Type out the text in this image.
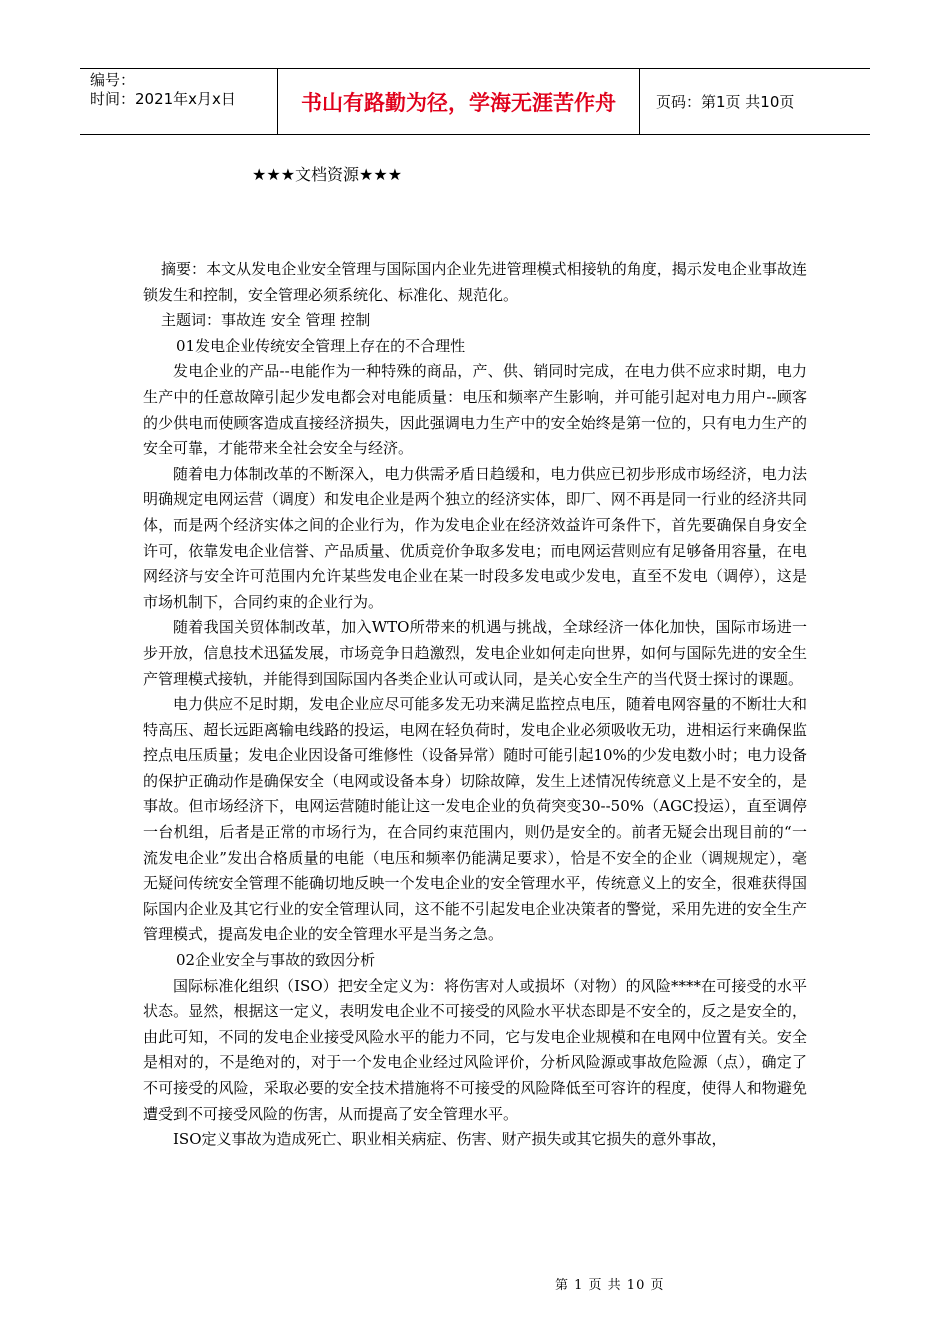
编号：
时间：2021年x月x日	书山有路勤为径，学海无涯苦作舟	页码：第1页 共10页
★★★文档资源★★★

摘要：本文从发电企业安全管理与国际国内企业先进管理模式相接轨的角度，揭示发电企业事故连锁发生和控制，安全管理必须系统化、标准化、规范化。

主题词：事故连 安全 管理 控制

01发电企业传统安全管理上存在的不合理性

发电企业的产品--电能作为一种特殊的商品，产、供、销同时完成，在电力供不应求时期，电力生产中的任意故障引起少发电都会对电能质量：电压和频率产生影响，并可能引起对电力用户--顾客的少供电而使顾客造成直接经济损失，因此强调电力生产中的安全始终是第一位的，只有电力生产的安全可靠，才能带来全社会安全与经济。

随着电力体制改革的不断深入，电力供需矛盾日趋缓和，电力供应已初步形成市场经济，电力法明确规定电网运营（调度）和发电企业是两个独立的经济实体，即厂、网不再是同一行业的经济共同体，而是两个经济实体之间的企业行为，作为发电企业在经济效益许可条件下，首先要确保自身安全许可，依靠发电企业信誉、产品质量、优质竞价争取多发电；而电网运营则应有足够备用容量，在电网经济与安全许可范围内允许某些发电企业在某一时段多发电或少发电，直至不发电（调停），这是市场机制下，合同约束的企业行为。

随着我国关贸体制改革，加入WTO所带来的机遇与挑战，全球经济一体化加快，国际市场进一步开放，信息技术迅猛发展，市场竞争日趋激烈，发电企业如何走向世界，如何与国际先进的安全生产管理模式接轨，并能得到国际国内各类企业认可或认同，是关心安全生产的当代贤士探讨的课题。

电力供应不足时期，发电企业应尽可能多发无功来满足监控点电压，随着电网容量的不断壮大和特高压、超长远距离输电线路的投运，电网在轻负荷时，发电企业必须吸收无功，进相运行来确保监控点电压质量；发电企业因设备可维修性（设备异常）随时可能引起10%的少发电数小时；电力设备的保护正确动作是确保安全（电网或设备本身）切除故障，发生上述情况传统意义上是不安全的，是事故。但市场经济下，电网运营随时能让这一发电企业的负荷突变30--50%（AGC投运），直至调停一台机组，后者是正常的市场行为，在合同约束范围内，则仍是安全的。前者无疑会出现目前的“一流发电企业”发出合格质量的电能（电压和频率仍能满足要求），恰是不安全的企业（调规规定），毫无疑问传统安全管理不能确切地反映一个发电企业的安全管理水平，传统意义上的安全，很难获得国际国内企业及其它行业的安全管理认同，这不能不引起发电企业决策者的警觉，采用先进的安全生产管理模式，提高发电企业的安全管理水平是当务之急。

02企业安全与事故的致因分析

国际标准化组织（ISO）把安全定义为：将伤害对人或损坏（对物）的风险****在可接受的水平状态。显然，根据这一定义，表明发电企业不可接受的风险水平状态即是不安全的，反之是安全的，由此可知，不同的发电企业接受风险水平的能力不同，它与发电企业规模和在电网中位置有关。安全是相对的，不是绝对的，对于一个发电企业经过风险评价，分析风险源或事故危险源（点），确定了不可接受的风险，采取必要的安全技术措施将不可接受的风险降低至可容许的程度，使得人和物避免遭受到不可接受风险的伤害，从而提高了安全管理水平。

ISO定义事故为造成死亡、职业相关病症、伤害、财产损失或其它损失的意外事故，

第 1 页 共 10 页
